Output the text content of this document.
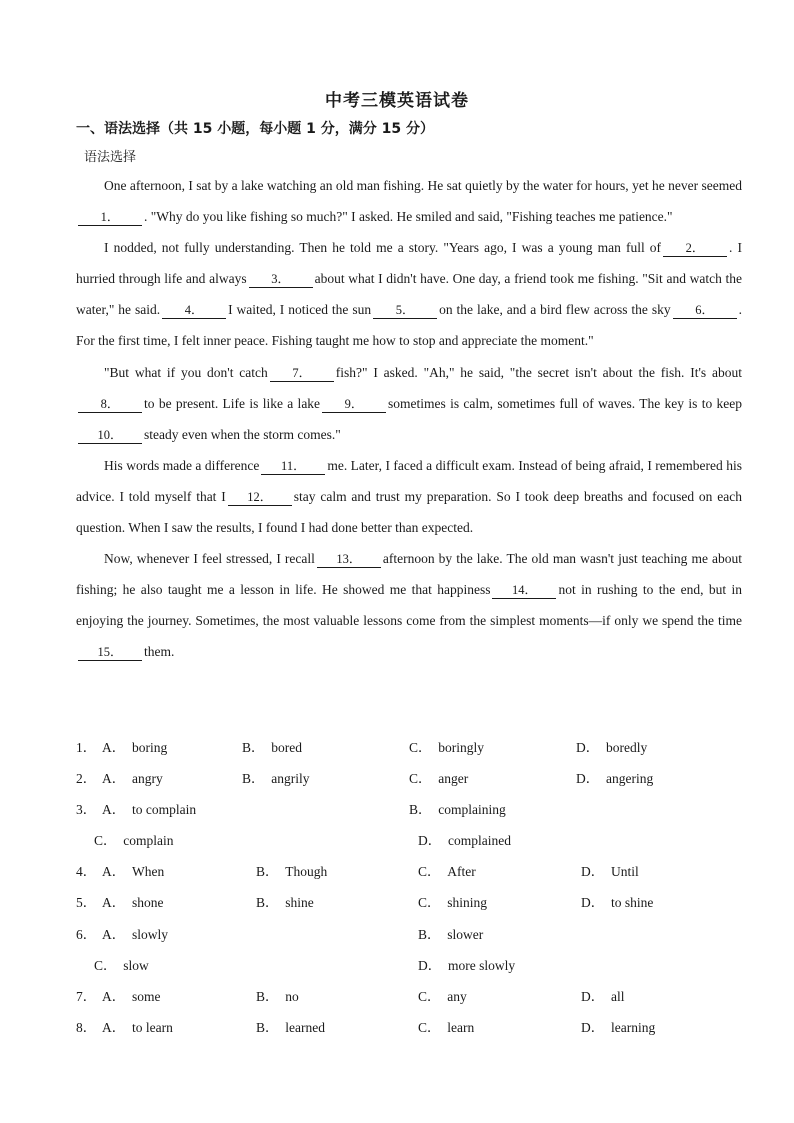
中考三模英语试卷
一、语法选择（共 15 小题，每小题 1 分，满分 15 分）
语法选择

One afternoon, I sat by a lake watching an old man fishing. He sat quietly by the water for hours, yet he never seemed1． . "Why do you like fishing so much?" I asked. He smiled and said, "Fishing teaches me patience."

I nodded, not fully understanding. Then he told me a story. "Years ago, I was a young man full of 2． . I hurried through life and always 3． about what I didn't have. One day, a friend took me fishing. "Sit and watch the water," he said. 4． I waited, I noticed the sun 5． on the lake, and a bird flew across the sky 6． . For the first time, I felt inner peace. Fishing taught me how to stop and appreciate the moment."

"But what if you don't catch 7． fish?" I asked. "Ah," he said, "the secret isn't about the fish. It's about8． to be present. Life is like a lake 9． sometimes is calm, sometimes full of waves. The key is to keep10． steady even when the storm comes."

His words made a difference 11． me. Later, I faced a difficult exam. Instead of being afraid, I remembered his advice. I told myself that I 12． stay calm and trust my preparation. So I took deep breaths and focused on each question. When I saw the results, I found I had done better than expected.

Now, whenever I feel stressed, I recall 13． afternoon by the lake. The old man wasn't just teaching me about fishing; he also taught me a lesson in life. He showed me that happiness 14． not in rushing to the end, but in enjoying the journey. Sometimes, the most valuable lessons come from the simplest moments—if only we spend the time15． them.

1． A． boring	B． bored	C． boringly	D． boredly
2． A． angry	B． angrily	C． anger	D． angering
3． A． to complain	B． complaining
C． complain	D． complained
4． A． When	B． Though	C． After	D． Until
5． A． shone	B． shine	C． shining	D． to shine
6． A． slowly	B． slower
C． slow	D． more slowly
7． A． some	B． no	C． any	D． all
8． A． to learn	B． learned	C． learn	D． learning
